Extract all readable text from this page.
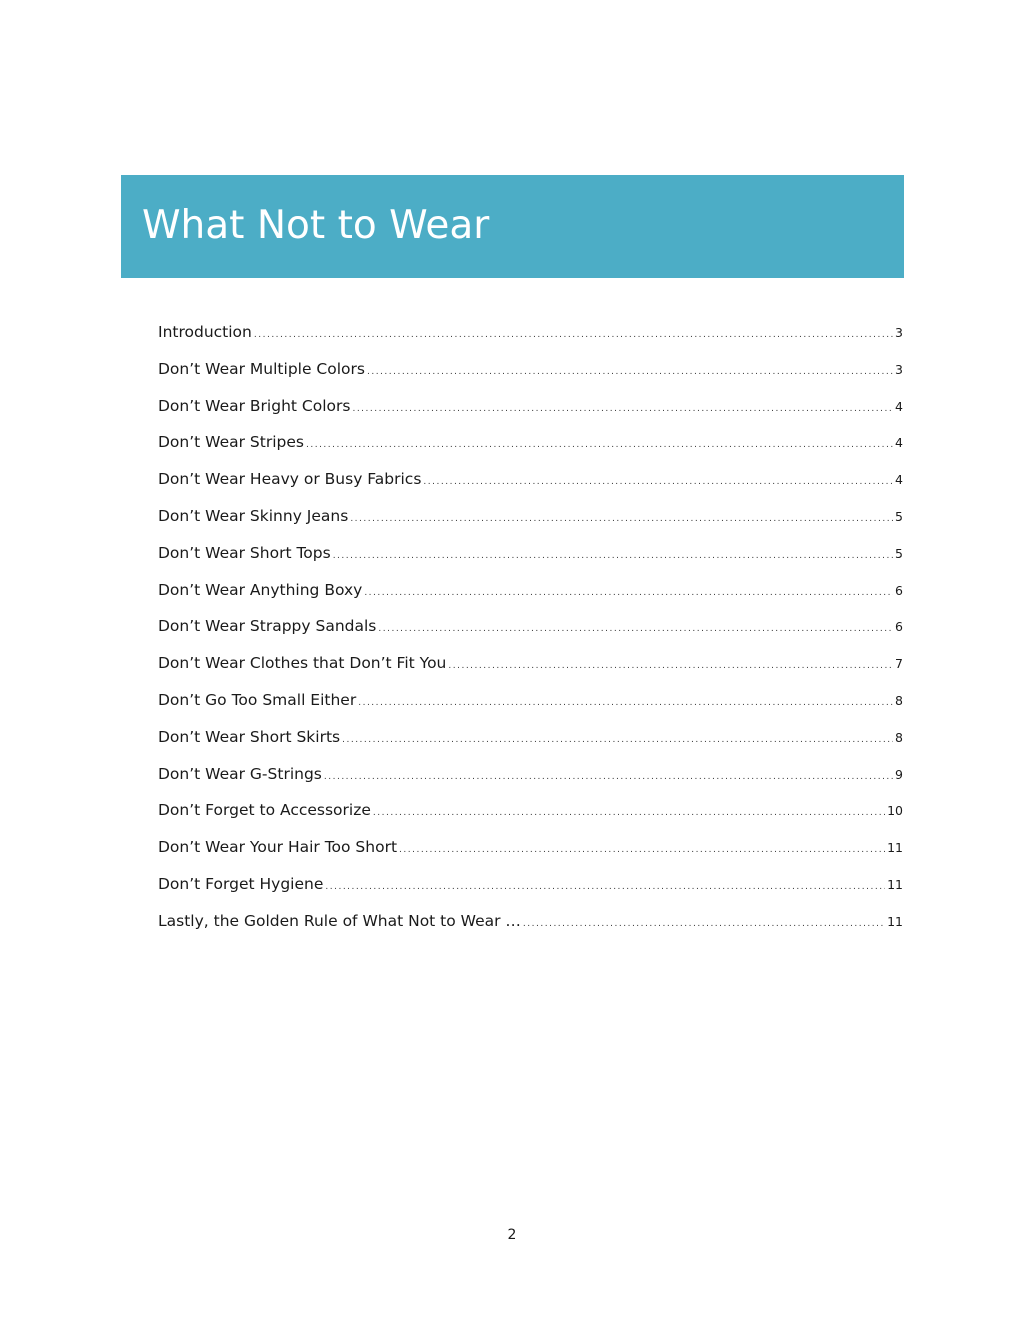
What Not to Wear
Introduction .....	3
Don’t Wear Multiple Colors .....	3
Don’t Wear Bright Colors .....	4
Don’t Wear Stripes .....	4
Don’t Wear Heavy or Busy Fabrics .....	4
Don’t Wear Skinny Jeans .....	5
Don’t Wear Short Tops .....	5
Don’t Wear Anything Boxy .....	6
Don’t Wear Strappy Sandals .....	6
Don’t Wear Clothes that Don’t Fit You .....	7
Don’t Go Too Small Either .....	8
Don’t Wear Short Skirts .....	8
Don’t Wear G-Strings .....	9
Don’t Forget to Accessorize .....	10
Don’t Wear Your Hair Too Short .....	11
Don’t Forget Hygiene .....	11
Lastly, the Golden Rule of What Not to Wear … .....	11
2
